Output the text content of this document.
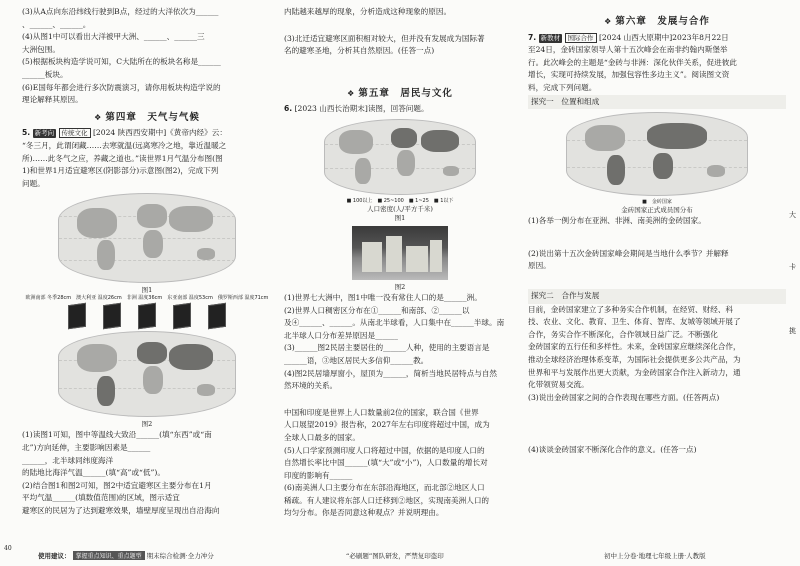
(3)从A点向东沿纬线行驶到B点，经过的大洋依次为______

、______、______。

(4)从图1中可以看出大洋被甲大洲、______、______三

大洲包围。

(5)根据板块构造学说可知，C大陆所在的板块名称是______

______板块。

(6)E国每年都会进行多次防震演习，请你用板块构造学说的

理论解释其原因。

❖ 第四章　天气与气候

5. 新考向 传统文化 [2024 陕西西安期中]《黄帝内经》云：

“冬三月，此谓闭藏……去寒就温(远离寒冷之地，靠近温暖之

所)……此冬气之应，养藏之道也。”读世界1月气温分布图(图

1)和世界1月适宜避寒区(阴影部分)示意图(图2)，完成下列

问题。

图1
欧洲南部 冬季28cm 澳大利亚 温度26cm 非洲 温度36cm 东亚南部 温度53cm 俄罗斯西部 温度71cm
图2

(1)读图1可知，图中等温线大致沿______(填“东西”或“南

北”)方向延伸，主要影响因素是______

______，北半球同纬度海洋

的陆地比海洋气温______(填“高”或“低”)。

(2)结合图1和图2可知，图2中适宜避寒区主要分布在1月

平均气温______(填数值范围)的区域，图示适宜

避寒区的民居为了达到避寒效果，墙壁厚度呈现出自沿海向

使用建议： 掌握重点知识、重点题型 期末综合检测·全力冲分
40

内陆越来越厚的现象，分析造成这种现象的原因。

(3)北迁适宜避寒区面积相对较大，但并没有发展成为国际著

名的避寒圣地，分析其自然原因。(任答一点)

❖ 第五章　居民与文化

6. [2023 山西长治期末]读图，回答问题。

■ 100以上 ■ 25~100 ■ 1~25 ■ 1以下
人口密度(人/平方千米)
图1
图2

(1)世界七大洲中，图1中唯一没有常住人口的是______洲。

(2)世界人口稠密区分布在①______和南部、②______以

及④______、______。从南北半球看，人口集中在______半球。南

北半球人口分布差异原因是______

(3)______图2民居主要居住的______人种，使用的主要语言是

______语，③地区居民大多信仰______教。

(4)图2民居墙厚窗小，屋顶为______，简析当地民居特点与自然

然环境的关系。

中国和印度是世界上人口数量前2位的国家，联合国《世界

人口展望2019》报告称，2027年左右印度将超过中国，成为

全球人口最多的国家。

(5)人口学家预测印度人口将超过中国，依据的是印度人口的

自然增长率比中国______(填“大”或“小”)，人口数量的增长对

印度的影响有______

(6)南美洲人口主要分布在东部沿海地区，而北部②地区人口

稀疏。有人建议将东部人口迁移到②地区，实现南美洲人口的

均匀分布。你是否同意这种观点？并说明理由。

“必刷题”图队研发，严禁复印盗印
❖ 第六章　发展与合作

7. 新教材 国际合作 [2024 山西大原期中]2023年8月22日

至24日，金砖国家领导人第十五次峰会在南非约翰内斯堡举

行。此次峰会的主题是“金砖与非洲：深化伙伴关系，促进彼此

增长，实现可持续发展，加强包容性多边主义”。阅读图文资

料，完成下列问题。

探究一　位置和组成

■ 金砖国家
金砖国家正式成员国分布

(1)各举一例分布在亚洲、非洲、南美洲的金砖国家。

(2)说出第十五次金砖国家峰会期间是当地什么季节？并解释

原因。

探究二　合作与发展

目前，金砖国家建立了多种务实合作机制，在经贸、财经、科

技、农业、文化、教育、卫生、体育、智库、友城等领域开展了

合作，务实合作不断深化，合作领域日益广泛。不断强化

金砖国家的五行任和多样性。未来，金砖国家应继续深化合作，

推动全球经济治理体系变革，为国际社会提供更多公共产品，为

世界和平与发展作出更大贡献，为金砖国家合作注入新动力，通

化带领贸易交流。

(3)说出金砖国家之间的合作表现在哪些方面。(任答两点)

(4)谈谈金砖国家不断深化合作的意义。(任答一点)

初中上分卷·地理七年级上册·人教版
大
卡
挑
